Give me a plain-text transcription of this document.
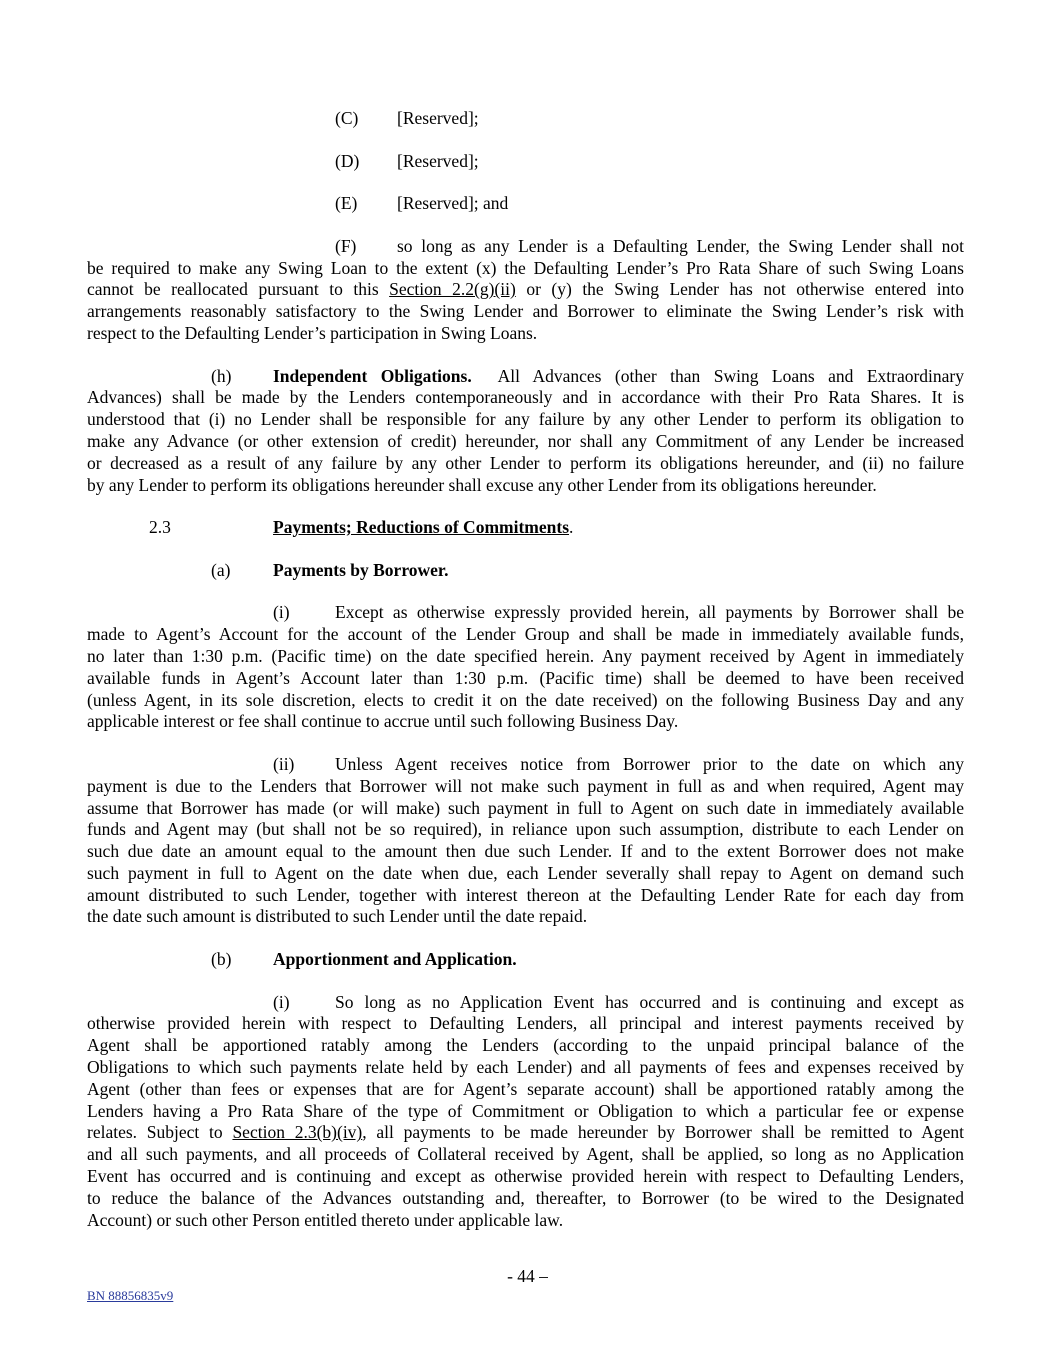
(C) [Reserved];
(D) [Reserved];
(E) [Reserved]; and
(F) so long as any Lender is a Defaulting Lender, the Swing Lender shall not
be required to make any Swing Loan to the extent (x) the Defaulting Lender’s Pro Rata Share of such Swing Loans
cannot be reallocated pursuant to this Section 2.2(g)(ii) or (y) the Swing Lender has not otherwise entered into
arrangements reasonably satisfactory to the Swing Lender and Borrower to eliminate the Swing Lender’s risk with
respect to the Defaulting Lender’s participation in Swing Loans.
(h) Independent Obligations. All Advances (other than Swing Loans and Extraordinary
Advances) shall be made by the Lenders contemporaneously and in accordance with their Pro Rata Shares. It is
understood that (i) no Lender shall be responsible for any failure by any other Lender to perform its obligation to
make any Advance (or other extension of credit) hereunder, nor shall any Commitment of any Lender be increased
or decreased as a result of any failure by any other Lender to perform its obligations hereunder, and (ii) no failure
by any Lender to perform its obligations hereunder shall excuse any other Lender from its obligations hereunder.
2.3	Payments; Reductions of Commitments.
(a) Payments by Borrower.
(i)	Except as otherwise expressly provided herein, all payments by Borrower shall be
made to Agent’s Account for the account of the Lender Group and shall be made in immediately available funds,
no later than 1:30 p.m. (Pacific time) on the date specified herein. Any payment received by Agent in immediately
available funds in Agent’s Account later than 1:30 p.m. (Pacific time) shall be deemed to have been received
(unless Agent, in its sole discretion, elects to credit it on the date received) on the following Business Day and any
applicable interest or fee shall continue to accrue until such following Business Day.
(ii) Unless Agent receives notice from Borrower prior to the date on which any
payment is due to the Lenders that Borrower will not make such payment in full as and when required, Agent may
assume that Borrower has made (or will make) such payment in full to Agent on such date in immediately available
funds and Agent may (but shall not be so required), in reliance upon such assumption, distribute to each Lender on
such due date an amount equal to the amount then due such Lender. If and to the extent Borrower does not make
such payment in full to Agent on the date when due, each Lender severally shall repay to Agent on demand such
amount distributed to such Lender, together with interest thereon at the Defaulting Lender Rate for each day from
the date such amount is distributed to such Lender until the date repaid.
(b) Apportionment and Application.
(i)	So long as no Application Event has occurred and is continuing and except as
otherwise provided herein with respect to Defaulting Lenders, all principal and interest payments received by
Agent shall be apportioned ratably among the Lenders (according to the unpaid principal balance of the
Obligations to which such payments relate held by each Lender) and all payments of fees and expenses received by
Agent (other than fees or expenses that are for Agent’s separate account) shall be apportioned ratably among the
Lenders having a Pro Rata Share of the type of Commitment or Obligation to which a particular fee or expense
relates. Subject to Section 2.3(b)(iv), all payments to be made hereunder by Borrower shall be remitted to Agent
and all such payments, and all proceeds of Collateral received by Agent, shall be applied, so long as no Application
Event has occurred and is continuing and except as otherwise provided herein with respect to Defaulting Lenders,
to reduce the balance of the Advances outstanding and, thereafter, to Borrower (to be wired to the Designated
Account) or such other Person entitled thereto under applicable law.
- 44 –
BN 88856835v9
